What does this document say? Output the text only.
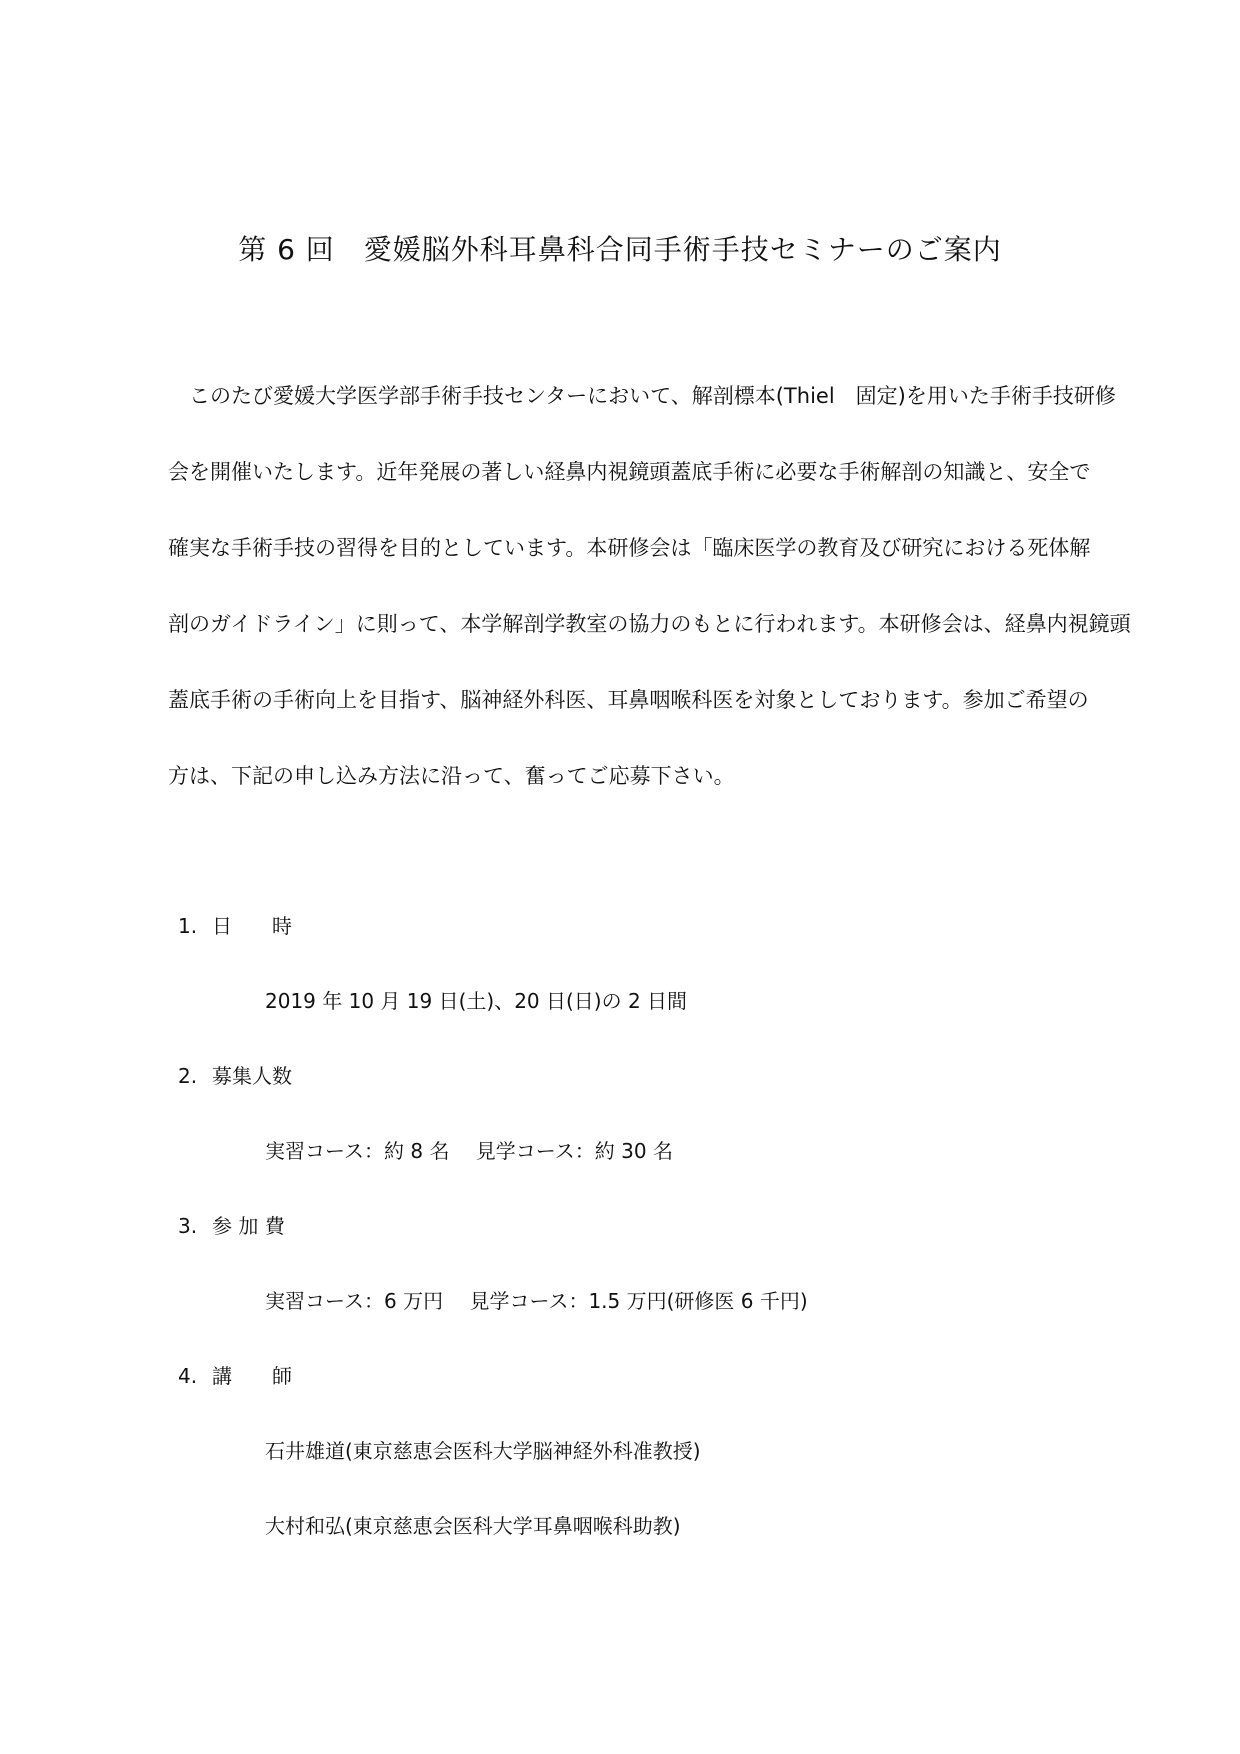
第 6 回　愛媛脳外科耳鼻科合同手術手技セミナーのご案内
　このたび愛媛大学医学部手術手技センターにおいて、解剖標本(Thiel　固定)を用いた手術手技研修
会を開催いたします。近年発展の著しい経鼻内視鏡頭蓋底手術に必要な手術解剖の知識と、安全で
確実な手術手技の習得を目的としています。本研修会は「臨床医学の教育及び研究における死体解
剖のガイドライン」に則って、本学解剖学教室の協力のもとに行われます。本研修会は、経鼻内視鏡頭
蓋底手術の手術向上を目指す、脳神経外科医、耳鼻咽喉科医を対象としております。参加ご希望の
方は、下記の申し込み方法に沿って、奮ってご応募下さい。
1. 日　　時
2019 年 10 月 19 日(土)、20 日(日)の 2 日間
2. 募集人数
実習コース：約 8 名　 見学コース：約 30 名
3. 参 加 費
実習コース：6 万円　 見学コース：1.5 万円(研修医 6 千円)
4. 講　　師
石井雄道(東京慈恵会医科大学脳神経外科准教授)
大村和弘(東京慈恵会医科大学耳鼻咽喉科助教)
